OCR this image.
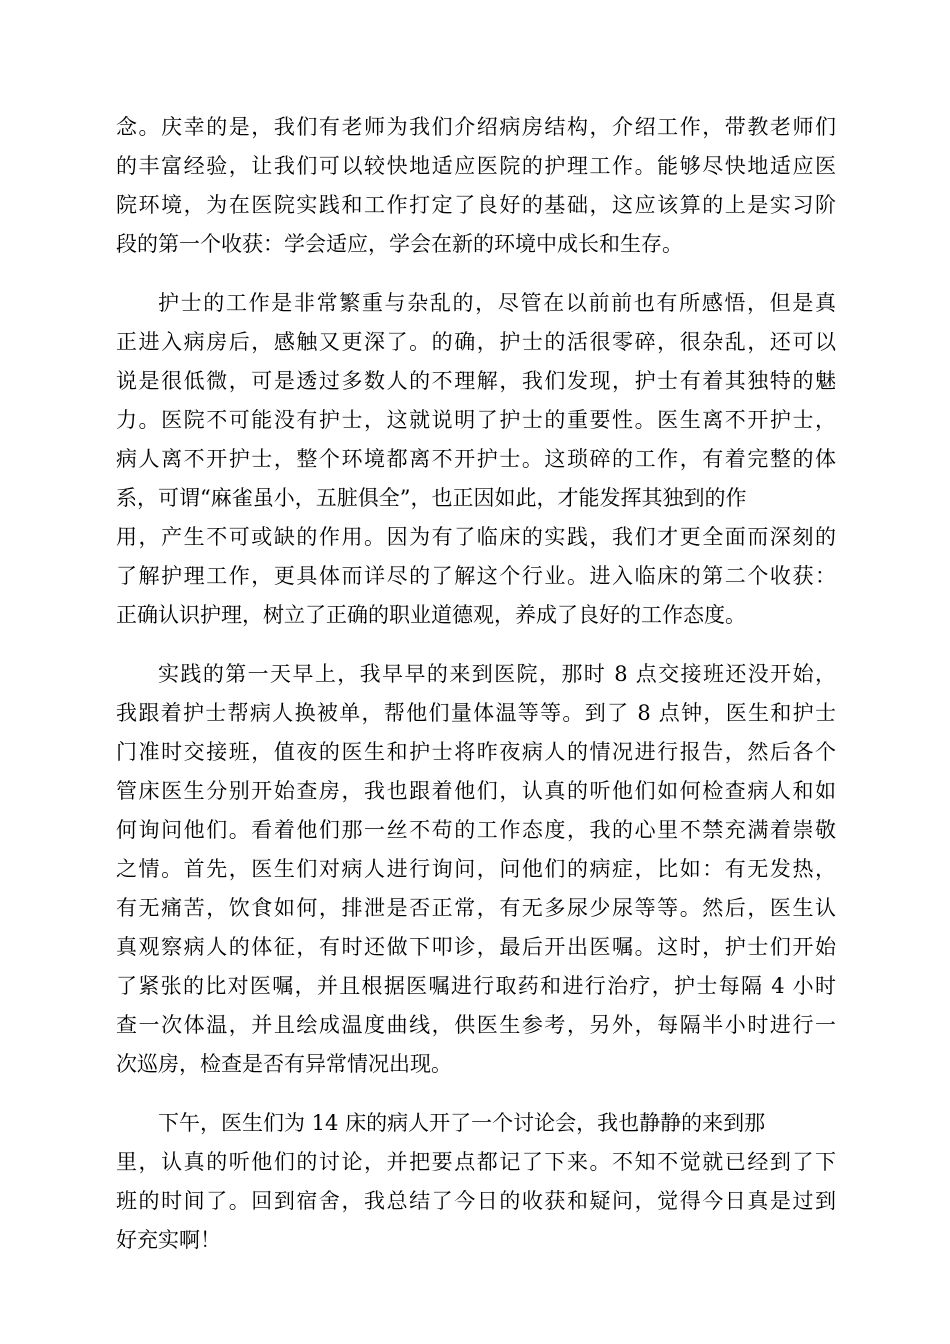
念。庆幸的是，我们有老师为我们介绍病房结构，介绍工作，带教老师们
的丰富经验，让我们可以较快地适应医院的护理工作。能够尽快地适应医
院环境，为在医院实践和工作打定了良好的基础，这应该算的上是实习阶
段的第一个收获：学会适应，学会在新的环境中成长和生存。
护士的工作是非常繁重与杂乱的，尽管在以前前也有所感悟，但是真
正进入病房后，感触又更深了。的确，护士的活很零碎，很杂乱，还可以
说是很低微，可是透过多数人的不理解，我们发现，护士有着其独特的魅
力。医院不可能没有护士，这就说明了护士的重要性。医生离不开护士，
病人离不开护士，整个环境都离不开护士。这琐碎的工作，有着完整的体
系，可谓“麻雀虽小，五脏俱全”，也正因如此，才能发挥其独到的作
用，产生不可或缺的作用。因为有了临床的实践，我们才更全面而深刻的
了解护理工作，更具体而详尽的了解这个行业。进入临床的第二个收获：
正确认识护理，树立了正确的职业道德观，养成了良好的工作态度。
实践的第一天早上，我早早的来到医院，那时 8 点交接班还没开始，
我跟着护士帮病人换被单，帮他们量体温等等。到了 8 点钟，医生和护士
门准时交接班，值夜的医生和护士将昨夜病人的情况进行报告，然后各个
管床医生分别开始查房，我也跟着他们，认真的听他们如何检查病人和如
何询问他们。看着他们那一丝不苟的工作态度，我的心里不禁充满着崇敬
之情。首先，医生们对病人进行询问，问他们的病症，比如：有无发热，
有无痛苦，饮食如何，排泄是否正常，有无多尿少尿等等。然后，医生认
真观察病人的体征，有时还做下叩诊，最后开出医嘱。这时，护士们开始
了紧张的比对医嘱，并且根据医嘱进行取药和进行治疗，护士每隔 4 小时
查一次体温，并且绘成温度曲线，供医生参考，另外，每隔半小时进行一
次巡房，检查是否有异常情况出现。
下午，医生们为 14 床的病人开了一个讨论会，我也静静的来到那
里，认真的听他们的讨论，并把要点都记了下来。不知不觉就已经到了下
班的时间了。回到宿舍，我总结了今日的收获和疑问，觉得今日真是过到
好充实啊！
